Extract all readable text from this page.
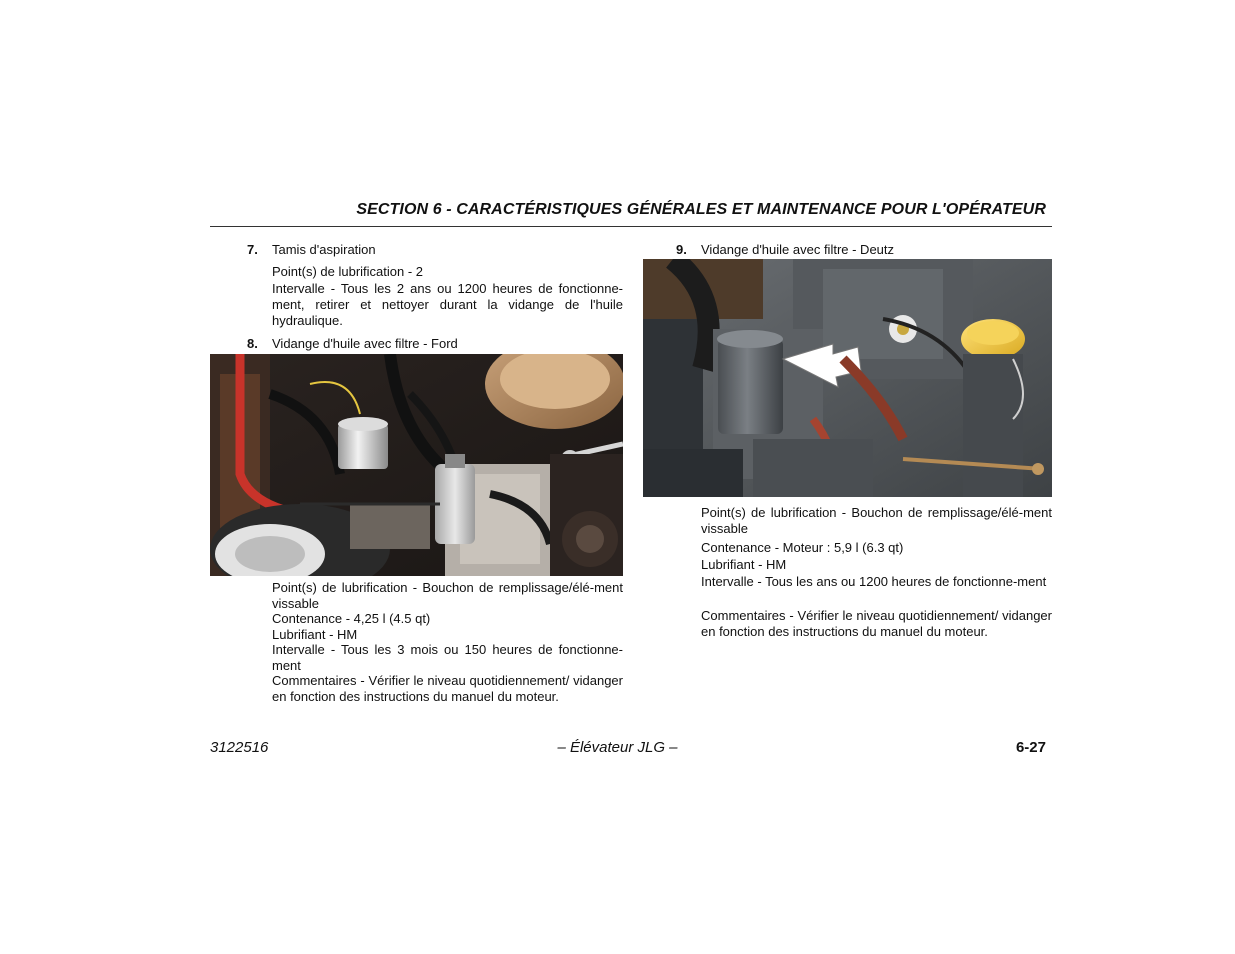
SECTION 6 - CARACTÉRISTIQUES GÉNÉRALES ET MAINTENANCE POUR L'OPÉRATEUR
7. Tamis d'aspiration
Point(s) de lubrification - 2
Intervalle - Tous les 2 ans ou 1200 heures de fonctionne-ment, retirer et nettoyer durant la vidange de l'huile hydraulique.
8. Vidange d'huile avec filtre - Ford
Point(s) de lubrification - Bouchon de remplissage/élé-ment vissable
Contenance - 4,25 l (4.5 qt)
Lubrifiant - HM
Intervalle - Tous les 3 mois ou 150 heures de fonctionne-ment
Commentaires - Vérifier le niveau quotidiennement/ vidanger en fonction des instructions du manuel du moteur.
9. Vidange d'huile avec filtre - Deutz
Point(s) de lubrification - Bouchon de remplissage/élé-ment vissable
Contenance - Moteur : 5,9 l (6.3 qt)
Lubrifiant - HM
Intervalle - Tous les ans ou 1200 heures de fonctionne-ment
Commentaires - Vérifier le niveau quotidiennement/ vidanger en fonction des instructions du manuel du moteur.
3122516	– Élévateur JLG –	6-27
